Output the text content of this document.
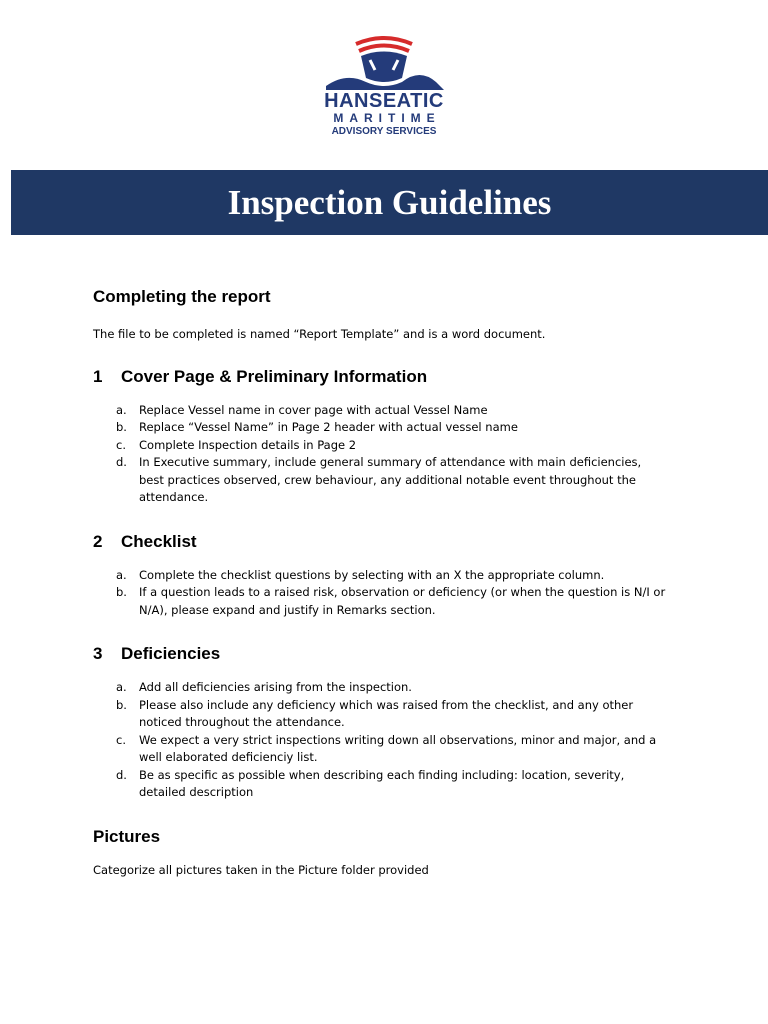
HANSEATIC
MARITIME
ADVISORY SERVICES
Inspection Guidelines
Completing the report

The file to be completed is named “Report Template” and is a word document.

1 Cover Page & Preliminary Information
a. Replace Vessel name in cover page with actual Vessel Name
b. Replace “Vessel Name” in Page 2 header with actual vessel name
c. Complete Inspection details in Page 2
d. In Executive summary, include general summary of attendance with main deficiencies, best practices observed, crew behaviour, any additional notable event throughout the attendance.
2 Checklist
a. Complete the checklist questions by selecting with an X the appropriate column.
b. If a question leads to a raised risk, observation or deficiency (or when the question is N/I or N/A), please expand and justify in Remarks section.
3 Deficiencies
a. Add all deficiencies arising from the inspection.
b. Please also include any deficiency which was raised from the checklist, and any other noticed throughout the attendance.
c. We expect a very strict inspections writing down all observations, minor and major, and a well elaborated deficienciy list.
d. Be as specific as possible when describing each finding including: location, severity, detailed description
Pictures

Categorize all pictures taken in the Picture folder provided
